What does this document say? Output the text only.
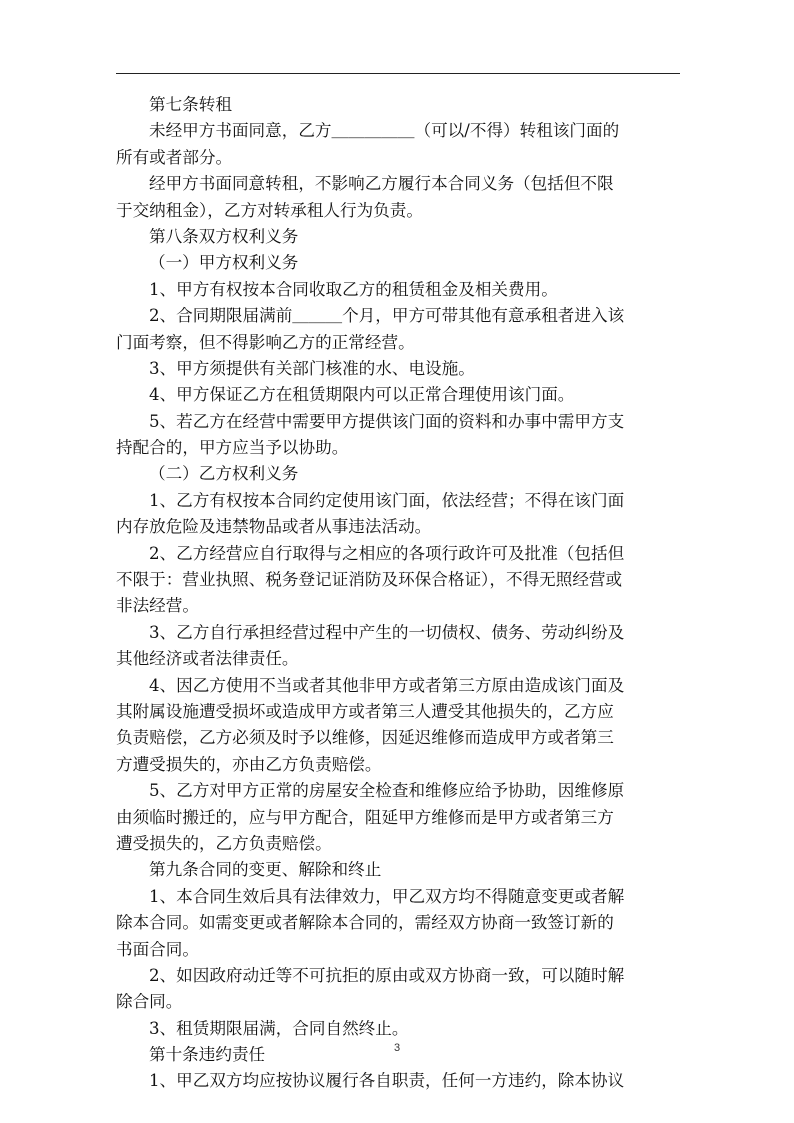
第七条转租
未经甲方书面同意，乙方＿＿＿＿＿（可以/不得）转租该门面的
所有或者部分。
经甲方书面同意转租，不影响乙方履行本合同义务（包括但不限
于交纳租金），乙方对转承租人行为负责。
第八条双方权利义务
（一）甲方权利义务
1、甲方有权按本合同收取乙方的租赁租金及相关费用。
2、合同期限届满前＿＿＿个月，甲方可带其他有意承租者进入该
门面考察，但不得影响乙方的正常经营。
3、甲方须提供有关部门核准的水、电设施。
4、甲方保证乙方在租赁期限内可以正常合理使用该门面。
5、若乙方在经营中需要甲方提供该门面的资料和办事中需甲方支
持配合的，甲方应当予以协助。
（二）乙方权利义务
1、乙方有权按本合同约定使用该门面，依法经营；不得在该门面
内存放危险及违禁物品或者从事违法活动。
2、乙方经营应自行取得与之相应的各项行政许可及批准（包括但
不限于：营业执照、税务登记证消防及环保合格证），不得无照经营或
非法经营。
3、乙方自行承担经营过程中产生的一切债权、债务、劳动纠纷及
其他经济或者法律责任。
4、因乙方使用不当或者其他非甲方或者第三方原由造成该门面及
其附属设施遭受损坏或造成甲方或者第三人遭受其他损失的，乙方应
负责赔偿，乙方必须及时予以维修，因延迟维修而造成甲方或者第三
方遭受损失的，亦由乙方负责赔偿。
5、乙方对甲方正常的房屋安全检查和维修应给予协助，因维修原
由须临时搬迁的，应与甲方配合，阻延甲方维修而是甲方或者第三方
遭受损失的，乙方负责赔偿。
第九条合同的变更、解除和终止
1、本合同生效后具有法律效力，甲乙双方均不得随意变更或者解
除本合同。如需变更或者解除本合同的，需经双方协商一致签订新的
书面合同。
2、如因政府动迁等不可抗拒的原由或双方协商一致，可以随时解
除合同。
3、租赁期限届满，合同自然终止。
第十条违约责任
1、甲乙双方均应按协议履行各自职责，任何一方违约，除本协议
3
